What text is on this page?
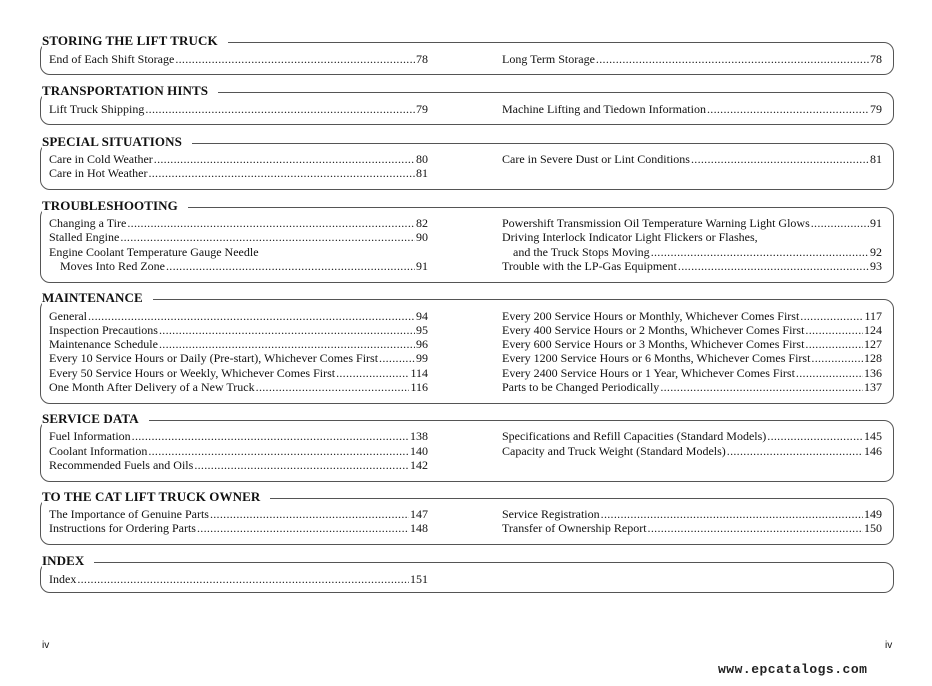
STORING THE LIFT TRUCK
End of Each Shift Storage .....	78	Long Term Storage .....	78
TRANSPORTATION HINTS
Lift Truck Shipping .....	79	Machine Lifting and Tiedown Information .....	79
SPECIAL SITUATIONS
Care in Cold Weather .....	80
Care in Hot Weather .....	81
Care in Severe Dust or Lint Conditions .....	81
TROUBLESHOOTING
Changing a Tire .....	82
Stalled Engine .....	90
Engine Coolant Temperature Gauge Needle
Moves Into Red Zone .....	91
Powershift Transmission Oil Temperature Warning Light Glows .....	91
Driving Interlock Indicator Light Flickers or Flashes,
and the Truck Stops Moving .....	92
Trouble with the LP-Gas Equipment .....	93
MAINTENANCE
General .....	94
Inspection Precautions .....	95
Maintenance Schedule .....	96
Every 10 Service Hours or Daily (Pre-start), Whichever Comes First .....	99
Every 50 Service Hours or Weekly, Whichever Comes First .....	114
One Month After Delivery of a New Truck .....	116
Every 200 Service Hours or Monthly, Whichever Comes First .....	117
Every 400 Service Hours or 2 Months, Whichever Comes First .....	124
Every 600 Service Hours or 3 Months, Whichever Comes First .....	127
Every 1200 Service Hours or 6 Months, Whichever Comes First .....	128
Every 2400 Service Hours or 1 Year, Whichever Comes First .....	136
Parts to be Changed Periodically .....	137
SERVICE DATA
Fuel Information .....	138
Coolant Information .....	140
Recommended Fuels and Oils .....	142
Specifications and Refill Capacities (Standard Models) .....	145
Capacity and Truck Weight (Standard Models) .....	146
TO THE CAT LIFT TRUCK OWNER
The Importance of Genuine Parts .....	147
Instructions for Ordering Parts .....	148
Service Registration .....	149
Transfer of Ownership Report .....	150
INDEX
Index .....	151
iv	iv
www.epcatalogs.com
